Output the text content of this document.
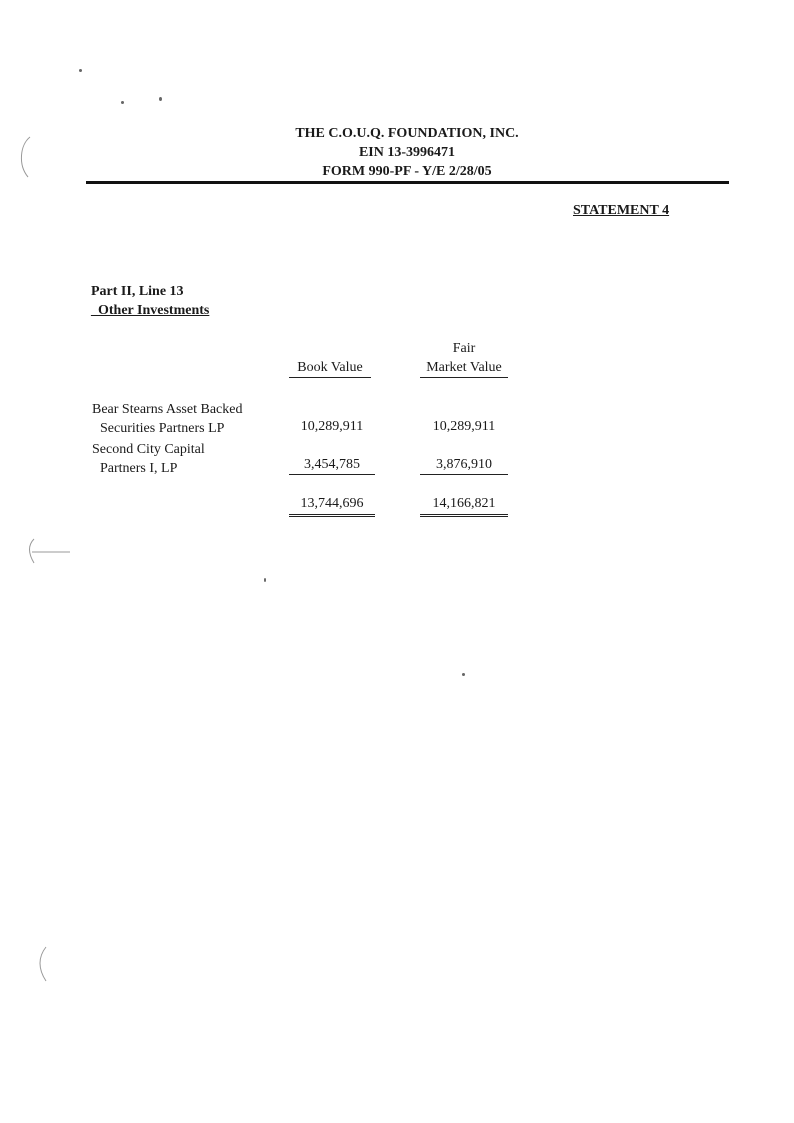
THE C.O.U.Q. FOUNDATION, INC.
EIN 13-3996471
FORM 990-PF - Y/E 2/28/05
STATEMENT 4
Part II, Line 13
_Other Investments
Book Value
Fair
Market Value
Bear Stearns Asset Backed
Securities Partners LP	10,289,911	10,289,911
Second City Capital
Partners I, LP	3,454,785	3,876,910
13,744,696	14,166,821
